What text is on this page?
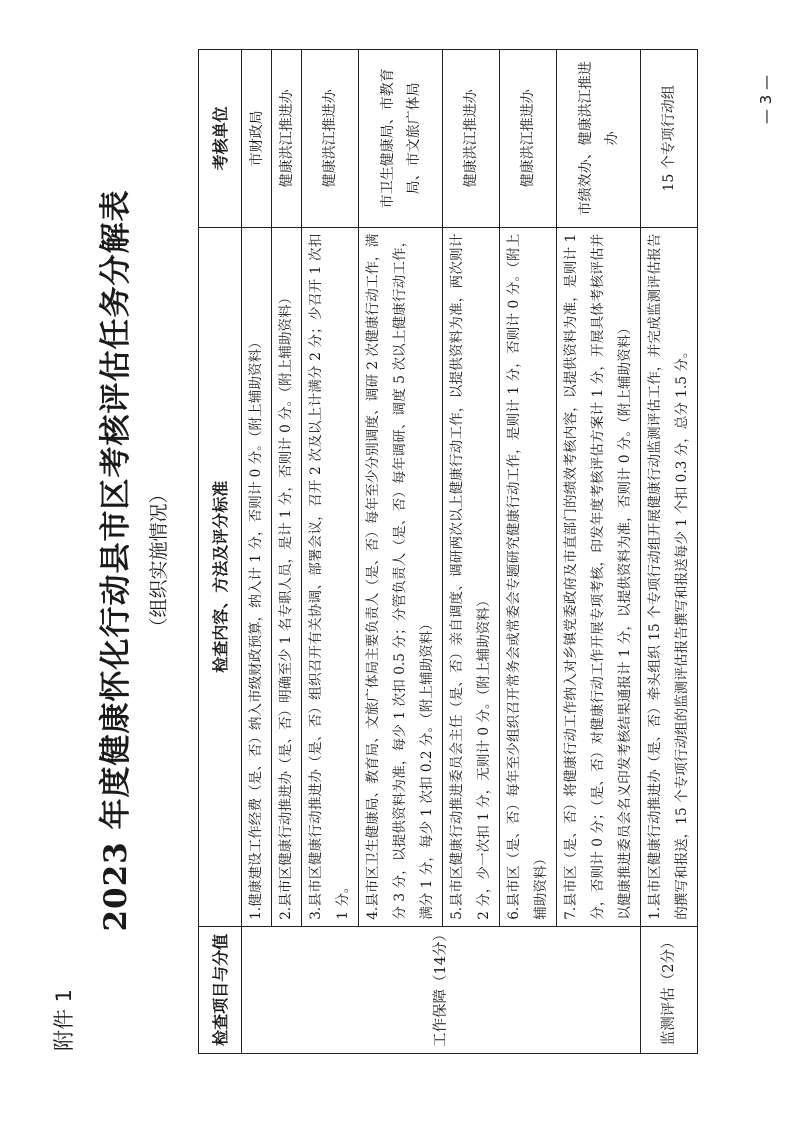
附件 1
2023 年度健康怀化行动县市区考核评估任务分解表 （组织实施情况）
检查项目与分值	检查内容、方法及评分标准	考核单位
工作保障（14分）	1.健康建设工作经费（是、否）纳入市级财政预算，纳入计 1 分，否则计 0 分。（附上辅助资料）	市财政局
	2.县市区健康行动推进办（是、否）明确至少 1 名专职人员，是计 1 分，否则计 0 分。（附上辅助资料）	健康洪江推进办
	3.县市区健康行动推进办（是、否）组织召开有关协调、部署会议，召开 2 次及以上计满分 2 分；少召开 1 次扣 1 分。	健康洪江推进办
	4.县市区卫生健康局、教育局、文旅广体局主要负责人（是、否）每年至少分别调度、调研 2 次健康行动工作，满分 3 分，以提供资料为准，每少 1 次扣 0.5 分；分管负责人（是、否）每年调研、调度 5 次以上健康行动工作，满分 1 分，每少 1 次扣 0.2 分。（附上辅助资料）	市卫生健康局、市教育局、市文旅广体局
	5.县市区健康行动推进委员会主任（是、否）亲自调度、调研两次以上健康行动工作，以提供资料为准，两次则计 2 分，少一次扣 1 分，无则计 0 分。（附上辅助资料）	健康洪江推进办
	6.县市区（是、否）每年至少组织召开常务会或常委会专题研究健康行动工作，是则计 1 分，否则计 0 分。（附上辅助资料）	健康洪江推进办
	7.县市区（是、否）将健康行动工作纳入对乡镇党委政府及市直部门的绩效考核内容，以提供资料为准，是则计 1 分，否则计 0 分；（是、否）对健康行动工作开展专项考核，印发年度考核评估方案计 1 分，开展具体考核评估并以健康推进委员会名义印发考核结果通报计 1 分，以提供资料为准，否则计 0 分。（附上辅助资料）	市绩效办、健康洪江推进办
监测评估（2分）	1.县市区健康行动推进办（是、否）牵头组织 15 个专项行动组开展健康行动监测评估工作，并完成监测评估报告的撰写和报送，15 个专项行动组的监测评估报告撰写和报送每少 1 个扣 0.3 分，总分 1.5 分。	15 个专项行动组	— 3 —
